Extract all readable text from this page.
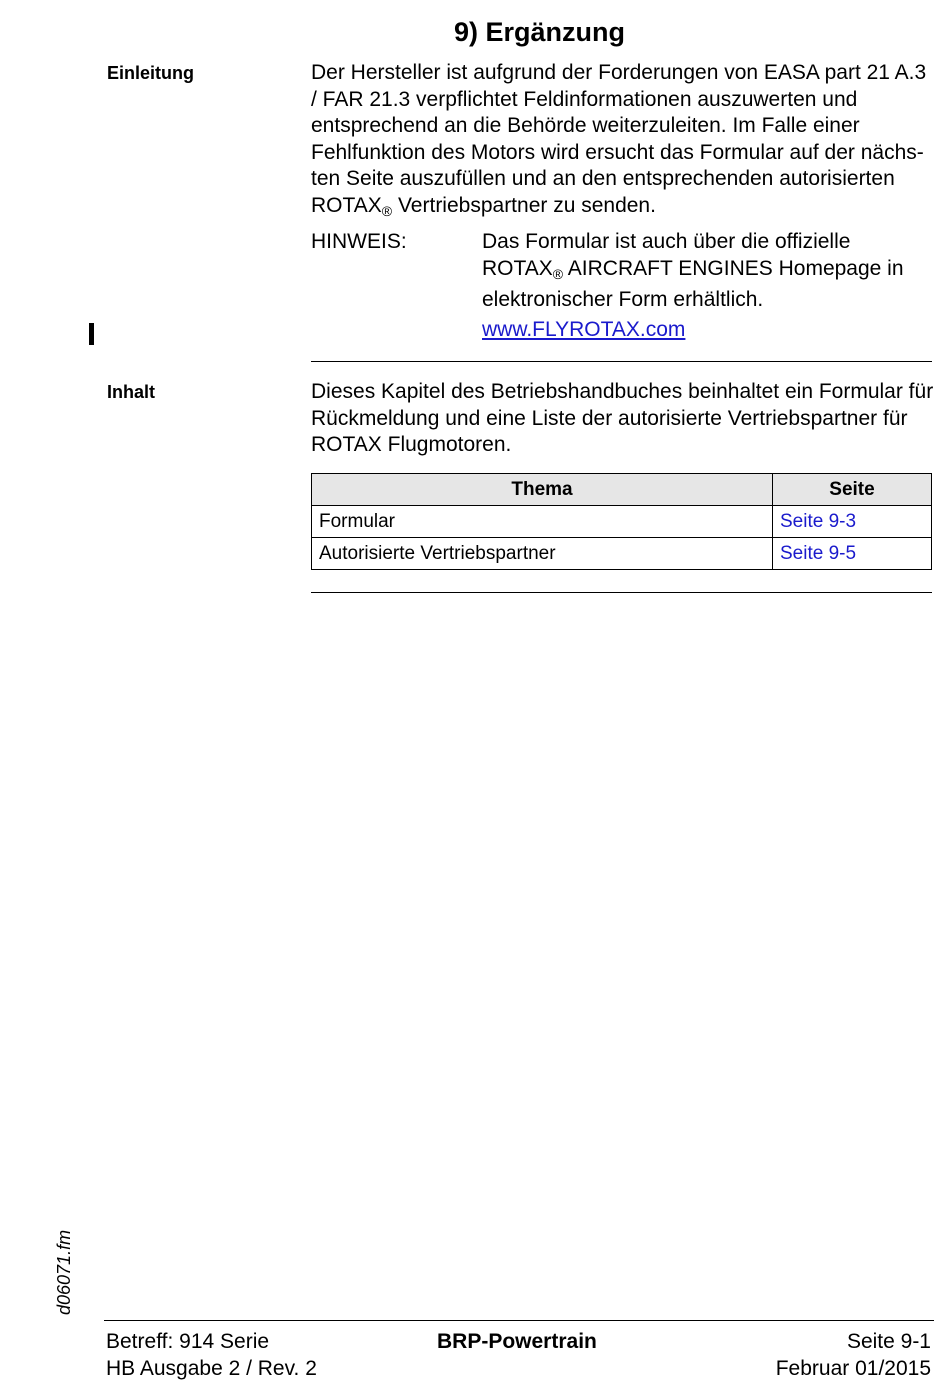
9) Ergänzung
Einleitung	Der Hersteller ist aufgrund der Forderungen von EASA part 21 A.3 / FAR 21.3 verpflichtet Feldinformationen auszuwerten und entsprechend an die Behörde weiterzuleiten. Im Falle einer Fehlfunktion des Motors wird ersucht das Formular auf der nächs-ten Seite auszufüllen und an den entsprechenden autorisierten $ROTAX_®$ Vertriebspartner zu senden.

HINWEIS:	Das Formular ist auch über die offizielle $ROTAX_®$ AIRCRAFT ENGINES Homepage in elektronischer Form erhältlich.

www.FLYROTAX.com
Inhalt	Dieses Kapitel des Betriebshandbuches beinhaltet ein Formular für Rückmeldung und eine Liste der autorisierte Vertriebspartner für ROTAX Flugmotoren.

Thema	Seite
Formular	Seite 9-3
Autorisierte Vertriebspartner	Seite 9-5
d06071.fm
Betreff: 914 Serie
HB Ausgabe 2 / Rev. 2
BRP-Powertrain	Seite 9-1
Februar 01/2015
